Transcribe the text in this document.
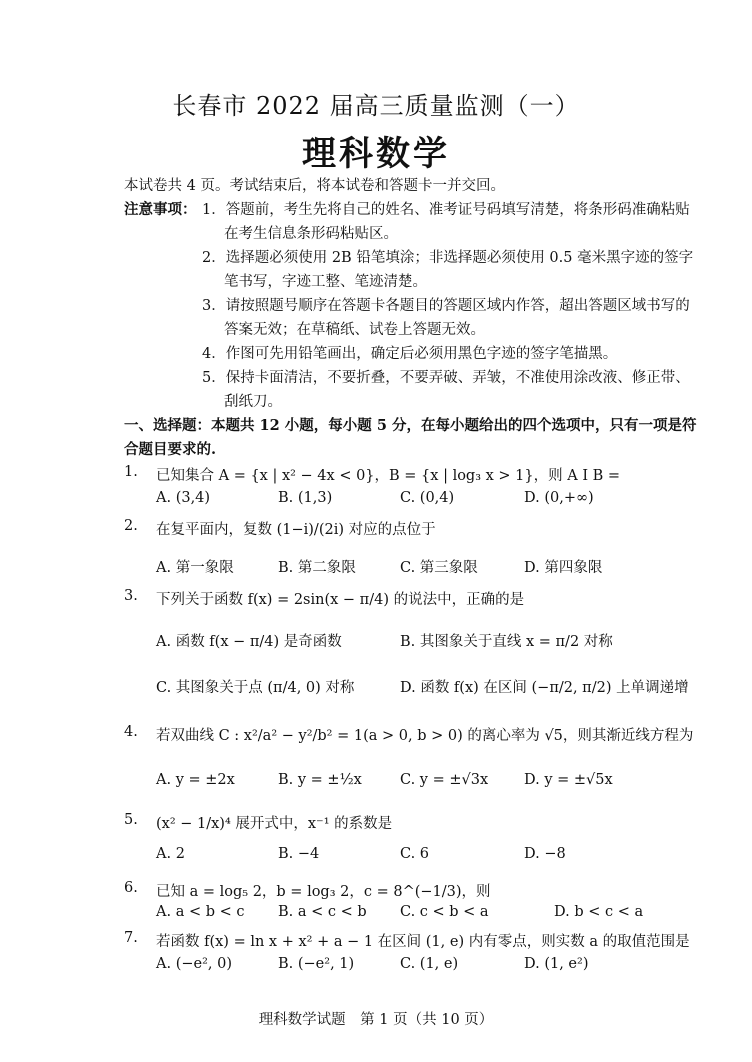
长春市 2022 届高三质量监测（一）
理科数学
本试卷共 4 页。考试结束后，将本试卷和答题卡一并交回。
注意事项： 1．答题前，考生先将自己的姓名、准考证号码填写清楚，将条形码准确粘贴
在考生信息条形码粘贴区。
2．选择题必须使用 2B 铅笔填涂；非选择题必须使用 0.5 毫米黑字迹的签字
笔书写，字迹工整、笔迹清楚。
3．请按照题号顺序在答题卡各题目的答题区域内作答，超出答题区域书写的
答案无效；在草稿纸、试卷上答题无效。
4．作图可先用铅笔画出，确定后必须用黑色字迹的签字笔描黑。
5．保持卡面清洁，不要折叠，不要弄破、弄皱，不准使用涂改液、修正带、
刮纸刀。
一、选择题：本题共 12 小题，每小题 5 分，在每小题给出的四个选项中，只有一项是符
合题目要求的.
1. 已知集合 A = {x | x² − 4x < 0}，B = {x | log₃ x > 1}，则 A I B =
A. (3,4)	B. (1,3)	C. (0,4)	D. (0,+∞)
2. 在复平面内，复数 (1−i)/(2i) 对应的点位于
A. 第一象限	B. 第二象限	C. 第三象限	D. 第四象限
3. 下列关于函数 f(x) = 2sin(x − π/4) 的说法中，正确的是
A. 函数 f(x − π/4) 是奇函数	B. 其图象关于直线 x = π/2 对称
C. 其图象关于点 (π/4, 0) 对称	D. 函数 f(x) 在区间 (−π/2, π/2) 上单调递增
4. 若双曲线 C : x²/a² − y²/b² = 1(a > 0, b > 0) 的离心率为 √5，则其渐近线方程为
A. y = ±2x	B. y = ±½x	C. y = ±√3x D. y = ±√5x
5. (x² − 1/x)⁴ 展开式中，x⁻¹ 的系数是
A. 2	B. −4	C. 6	D. −8
6. 已知 a = log₅ 2，b = log₃ 2，c = 8^(−1/3)，则
A. a < b < c B. a < c < b C. c < b < a	D. b < c < a
7. 若函数 f(x) = ln x + x² + a − 1 在区间 (1, e) 内有零点，则实数 a 的取值范围是
A. (−e², 0)	B. (−e², 1)	C. (1, e)	D. (1, e²)
理科数学试题　第 1 页（共 10 页）
